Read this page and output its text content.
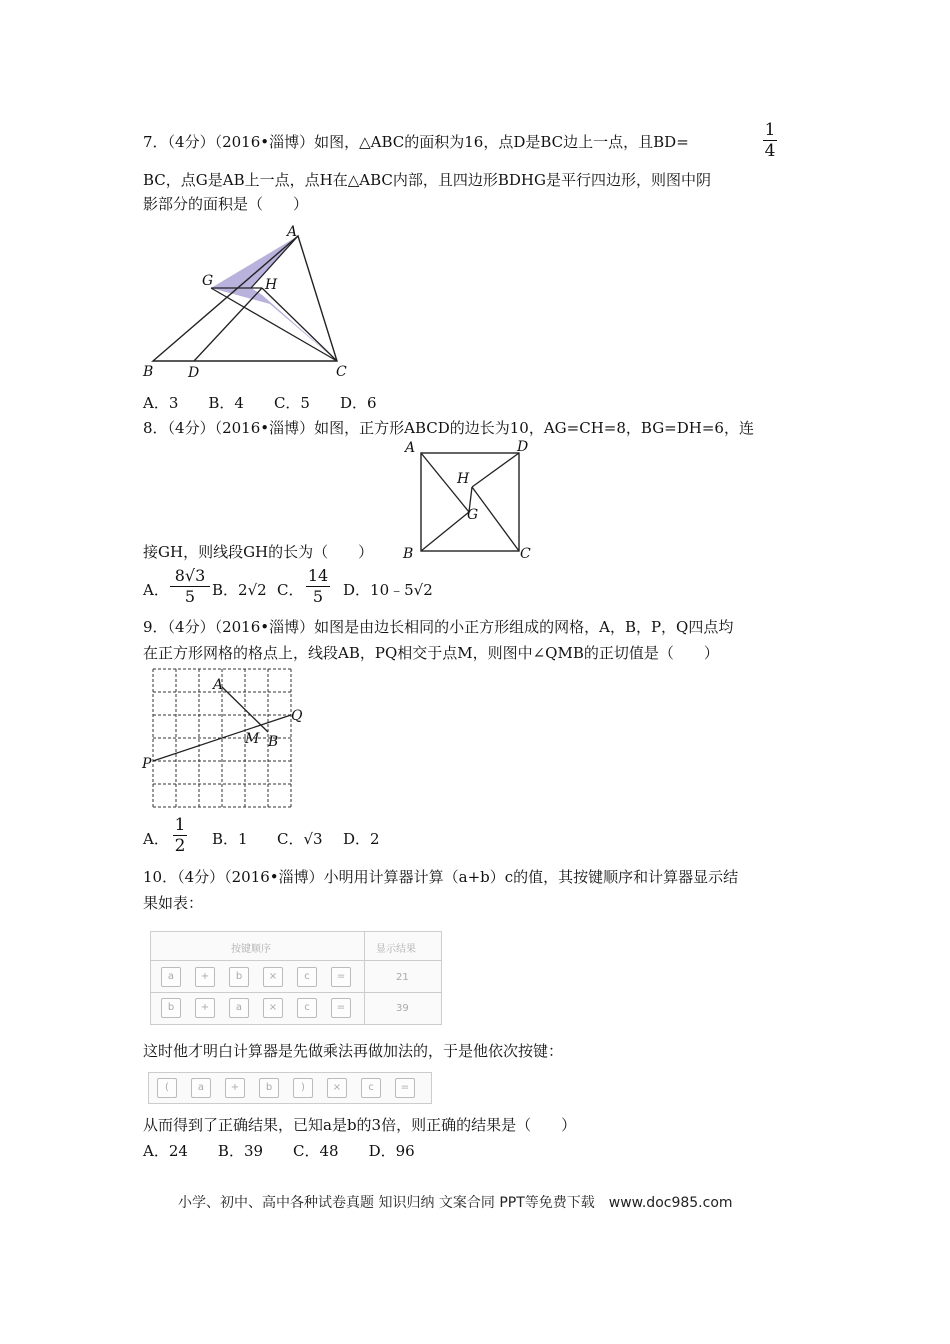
7．（4分）（2016•淄博）如图，△ABC的面积为16，点D是BC边上一点，且BD=
1
4
BC，点G是AB上一点，点H在△ABC内部，且四边形BDHG是平行四边形，则图中阴
影部分的面积是（　　）
A
B D	C
G	H
A．3　　B．4　　C．5　　D．6
8．（4分）（2016•淄博）如图，正方形ABCD的边长为10，AG=CH=8，BG=DH=6，连
A	D
B	C
H
G
接GH，则线段GH的长为（　　）
A．
8√3
5	B．2√2 C．
14
5	D．10﹣5√2
9．（4分）（2016•淄博）如图是由边长相同的小正方形组成的网格，A，B，P，Q四点均
在正方形网格的格点上，线段AB，PQ相交于点M，则图中∠QMB的正切值是（　　）
A
B
P
Q
M
A．
1
2 B．1 C．√3 D．2
10．（4分）（2016•淄博）小明用计算器计算（a+b）c的值，其按键顺序和计算器显示结
果如表：
按键顺序	显示结果
a	+	b	×	c	=	21
b	+	a	×	c	=	39
这时他才明白计算器是先做乘法再做加法的，于是他依次按键：
(	a	+	b	)	×	c	=
从而得到了正确结果，已知a是b的3倍，则正确的结果是（　　）
A．24　　B．39　　C．48　　D．96
小学、初中、高中各种试卷真题 知识归纳 文案合同 PPT等免费下载　www.doc985.com
